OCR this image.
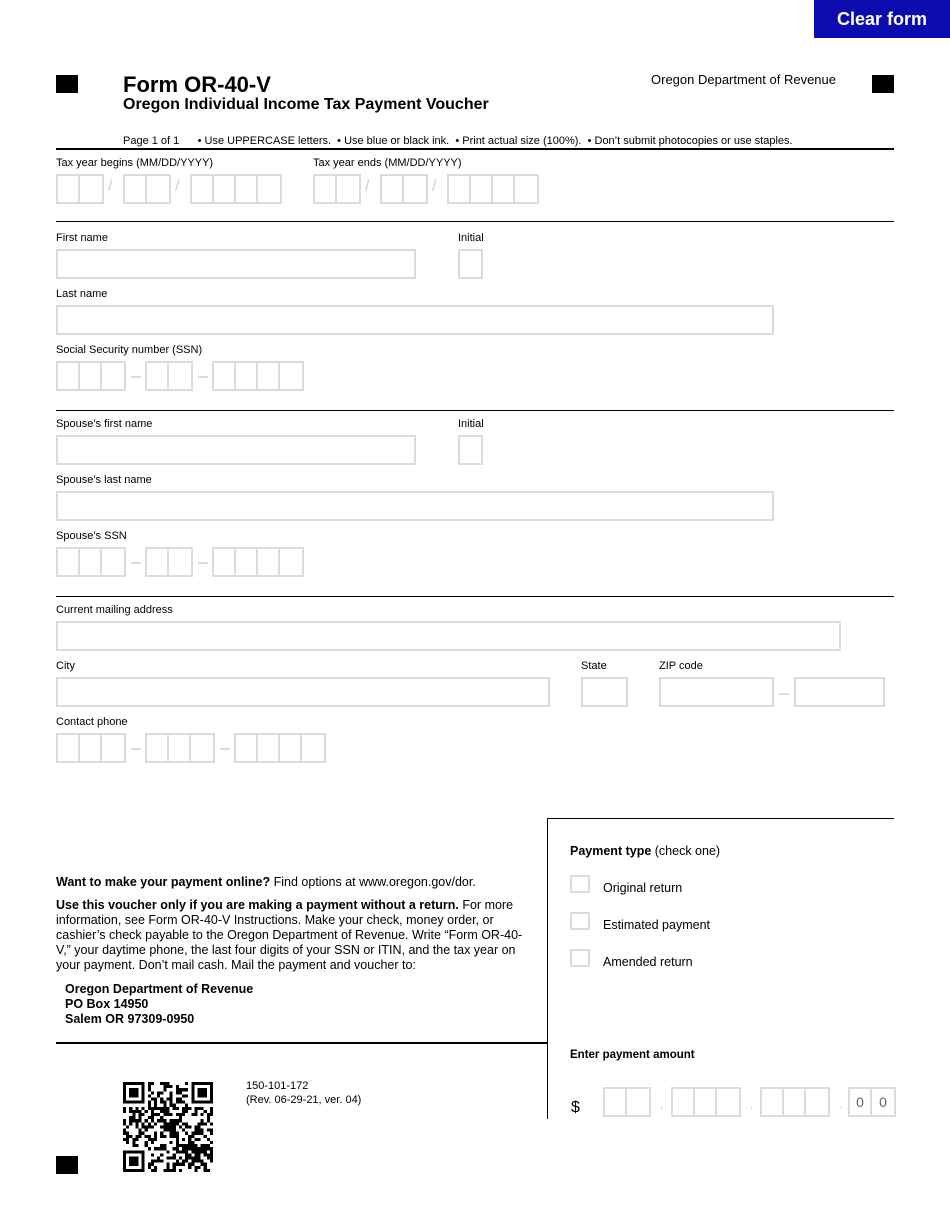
Clear form
Form OR-40-V
Oregon Individual Income Tax Payment Voucher
Oregon Department of Revenue
Page 1 of 1      • Use UPPERCASE letters.  • Use blue or black ink.  • Print actual size (100%).  • Don’t submit photocopies or use staples.
Tax year begins (MM/DD/YYYY)	Tax year ends (MM/DD/YYYY)
/	/	/	/
First name	Initial
Last name
Social Security number (SSN)
Spouse’s first name	Initial
Spouse’s last name
Spouse’s SSN
Current mailing address
City	State	ZIP code
Contact phone
Want to make your payment online? Find options at www.oregon.gov/dor.
Use this voucher only if you are making a payment without a return. For more information, see Form OR-40-V Instructions. Make your check, money order, or cashier’s check payable to the Oregon Department of Revenue. Write “Form OR-40-V,” your daytime phone, the last four digits of your SSN or ITIN, and the tax year on your payment. Don’t mail cash. Mail the payment and voucher to:
Oregon Department of Revenue
PO Box 14950
Salem OR 97309-0950
Payment type (check one)
Original return
Estimated payment
Amended return
Enter payment amount
$	,	,	. 0	0
150-101-172
(Rev. 06-29-21, ver. 04)
